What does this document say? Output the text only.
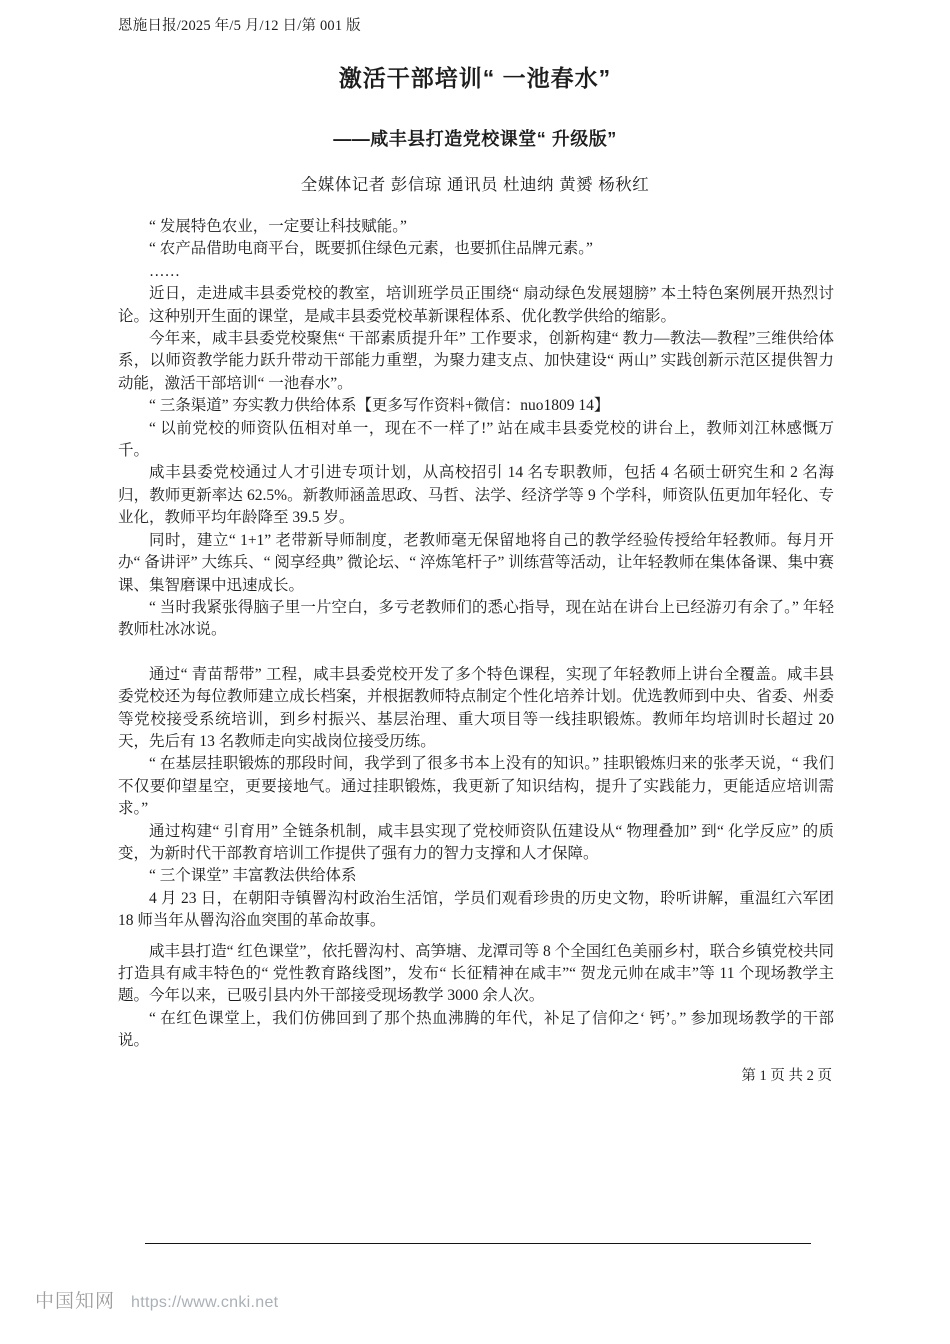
恩施日报/2025 年/5 月/12 日/第 001 版
激活干部培训“ 一池春水”
——咸丰县打造党校课堂“ 升级版”
全媒体记者 彭信琼 通讯员 杜迪纳 黄赟 杨秋红

“ 发展特色农业，一定要让科技赋能。”

“ 农产品借助电商平台，既要抓住绿色元素，也要抓住品牌元素。”

……

近日，走进咸丰县委党校的教室，培训班学员正围绕“ 扇动绿色发展翅膀” 本土特色案例展开热烈讨论。这种别开生面的课堂，是咸丰县委党校革新课程体系、优化教学供给的缩影。

今年来，咸丰县委党校聚焦“ 干部素质提升年” 工作要求，创新构建“ 教力—教法—教程”三维供给体系，以师资教学能力跃升带动干部能力重塑，为聚力建支点、加快建设“ 两山” 实践创新示范区提供智力动能，激活干部培训“ 一池春水”。

“ 三条渠道” 夯实教力供给体系【更多写作资料+微信：nuo1809 14】

“ 以前党校的师资队伍相对单一，现在不一样了!” 站在咸丰县委党校的讲台上，教师刘江林感慨万千。

咸丰县委党校通过人才引进专项计划，从高校招引 14 名专职教师，包括 4 名硕士研究生和 2 名海归，教师更新率达 62.5%。新教师涵盖思政、马哲、法学、经济学等 9 个学科，师资队伍更加年轻化、专业化，教师平均年龄降至 39.5 岁。

同时，建立“ 1+1” 老带新导师制度，老教师毫无保留地将自己的教学经验传授给年轻教师。每月开办“ 备讲评” 大练兵、“ 阅享经典” 微论坛、“ 淬炼笔杆子” 训练营等活动，让年轻教师在集体备课、集中赛课、集智磨课中迅速成长。

“ 当时我紧张得脑子里一片空白，多亏老教师们的悉心指导，现在站在讲台上已经游刃有余了。” 年轻教师杜冰冰说。

通过“ 青苗帮带” 工程，咸丰县委党校开发了多个特色课程，实现了年轻教师上讲台全覆盖。咸丰县委党校还为每位教师建立成长档案，并根据教师特点制定个性化培养计划。优选教师到中央、省委、州委等党校接受系统培训，到乡村振兴、基层治理、重大项目等一线挂职锻炼。教师年均培训时长超过 20 天，先后有 13 名教师走向实战岗位接受历练。

“ 在基层挂职锻炼的那段时间，我学到了很多书本上没有的知识。” 挂职锻炼归来的张孝天说，“ 我们不仅要仰望星空，更要接地气。通过挂职锻炼，我更新了知识结构，提升了实践能力，更能适应培训需求。”

通过构建“ 引育用” 全链条机制，咸丰县实现了党校师资队伍建设从“ 物理叠加” 到“ 化学反应” 的质变，为新时代干部教育培训工作提供了强有力的智力支撑和人才保障。

“ 三个课堂” 丰富教法供给体系

4 月 23 日，在朝阳寺镇罾沟村政治生活馆，学员们观看珍贵的历史文物，聆听讲解，重温红六军团 18 师当年从罾沟浴血突围的革命故事。

咸丰县打造“ 红色课堂”，依托罾沟村、高笋塘、龙潭司等 8 个全国红色美丽乡村，联合乡镇党校共同打造具有咸丰特色的“ 党性教育路线图”，发布“ 长征精神在咸丰”“ 贺龙元帅在咸丰”等 11 个现场教学主题。今年以来，已吸引县内外干部接受现场教学 3000 余人次。

“ 在红色课堂上，我们仿佛回到了那个热血沸腾的年代，补足了信仰之‘ 钙’。” 参加现场教学的干部说。

第 1 页 共 2 页
中国知网 https://www.cnki.net
